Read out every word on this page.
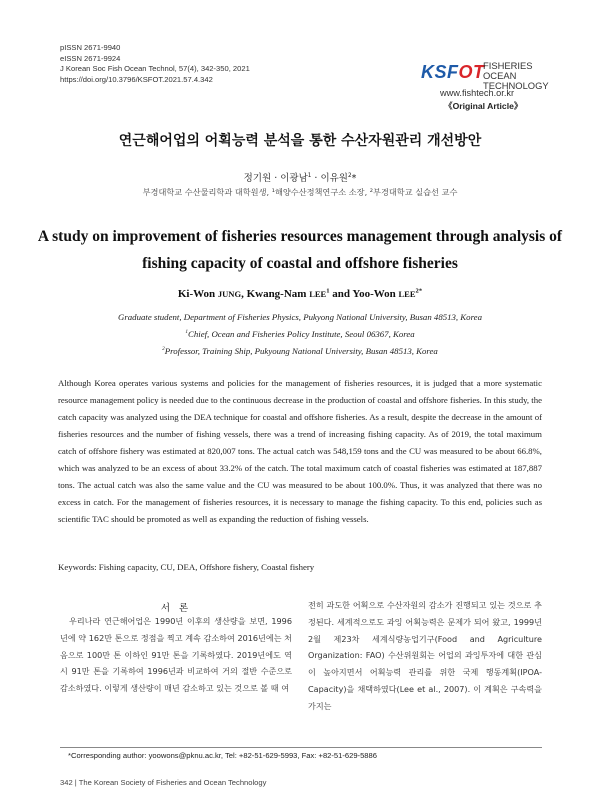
pISSN 2671-9940
eISSN 2671-9924
J Korean Soc Fish Ocean Technol, 57(4), 342-350, 2021
https://doi.org/10.3796/KSFOT.2021.57.4.342	KSFOT
FISHERIES OCEAN
TECHNOLOGY
www.fishtech.or.kr
《Original Article》
연근해어업의 어획능력 분석을 통한 수산자원관리 개선방안
정기원 · 이광남$^1$ · 이유원$^2$*
부경대학교 수산물리학과 대학원생, ¹해양수산정책연구소 소장, ²부경대학교 실습선 교수
A study on improvement of fisheries resources management through analysis of fishing capacity of coastal and offshore fisheries
Ki-Won JUNG, Kwang-Nam LEE$^1$ and Yoo-Won $LEE^{2*}$
Graduate student, Department of Fisheries Physics, Pukyong National University, Busan 48513, Korea
$^1$Chief, Ocean and Fisheries Policy Institute, Seoul 06367, Korea
$^2$Professor, Training Ship, Pukyoung National University, Busan 48513, Korea
Although Korea operates various systems and policies for the management of fisheries resources, it is judged that a more systematic resource management policy is needed due to the continuous decrease in the production of coastal and offshore fisheries. In this study, the catch capacity was analyzed using the DEA technique for coastal and offshore fisheries. As a result, despite the decrease in the amount of fisheries resources and the number of fishing vessels, there was a trend of increasing fishing capacity. As of 2019, the total maximum catch of offshore fishery was estimated at 820,007 tons. The actual catch was 548,159 tons and the CU was measured to be about 66.8%, which was analyzed to be an excess of about 33.2% of the catch. The total maximum catch of coastal fisheries was estimated at 187,887 tons. The actual catch was also the same value and the CU was measured to be about 100.0%. Thus, it was analyzed that there was no excess in catch. For the management of fisheries resources, it is necessary to manage the fishing capacity. To this end, policies such as scientific TAC should be promoted as well as expanding the reduction of fishing vessels.
Keywords: Fishing capacity, CU, DEA, Offshore fishery, Coastal fishery
서 론
우리나라 연근해어업은 1990년 이후의 생산량을 보면, 1996년에 약 162만 톤으로 정점을 찍고 계속 감소하여 2016년에는 처음으로 100만 톤 이하인 91만 톤을 기록하였다. 2019년에도 역시 91만 톤을 기록하여 1996년과 비교하여 거의 절반 수준으로 감소하였다. 이렇게 생산량이 매년 감소하고 있는 것으로 볼 때 여
전히 과도한 어획으로 수산자원의 감소가 진행되고 있는 것으로 추정된다. 세계적으로도 과잉 어획능력은 문제가 되어 왔고, 1999년 2월 제23차 세계식량농업기구(Food and Agriculture Organization: FAO) 수산위원회는 어업의 과잉투자에 대한 관심이 높아지면서 어획능력 관리를 위한 국제 행동계획(IPOA-Capacity)을 채택하였다(Lee et al., 2007). 이 계획은 구속력을 가지는
*Corresponding author: yoowons@pknu.ac.kr, Tel: +82-51-629-5993, Fax: +82-51-629-5886
342 | The Korean Society of Fisheries and Ocean Technology
